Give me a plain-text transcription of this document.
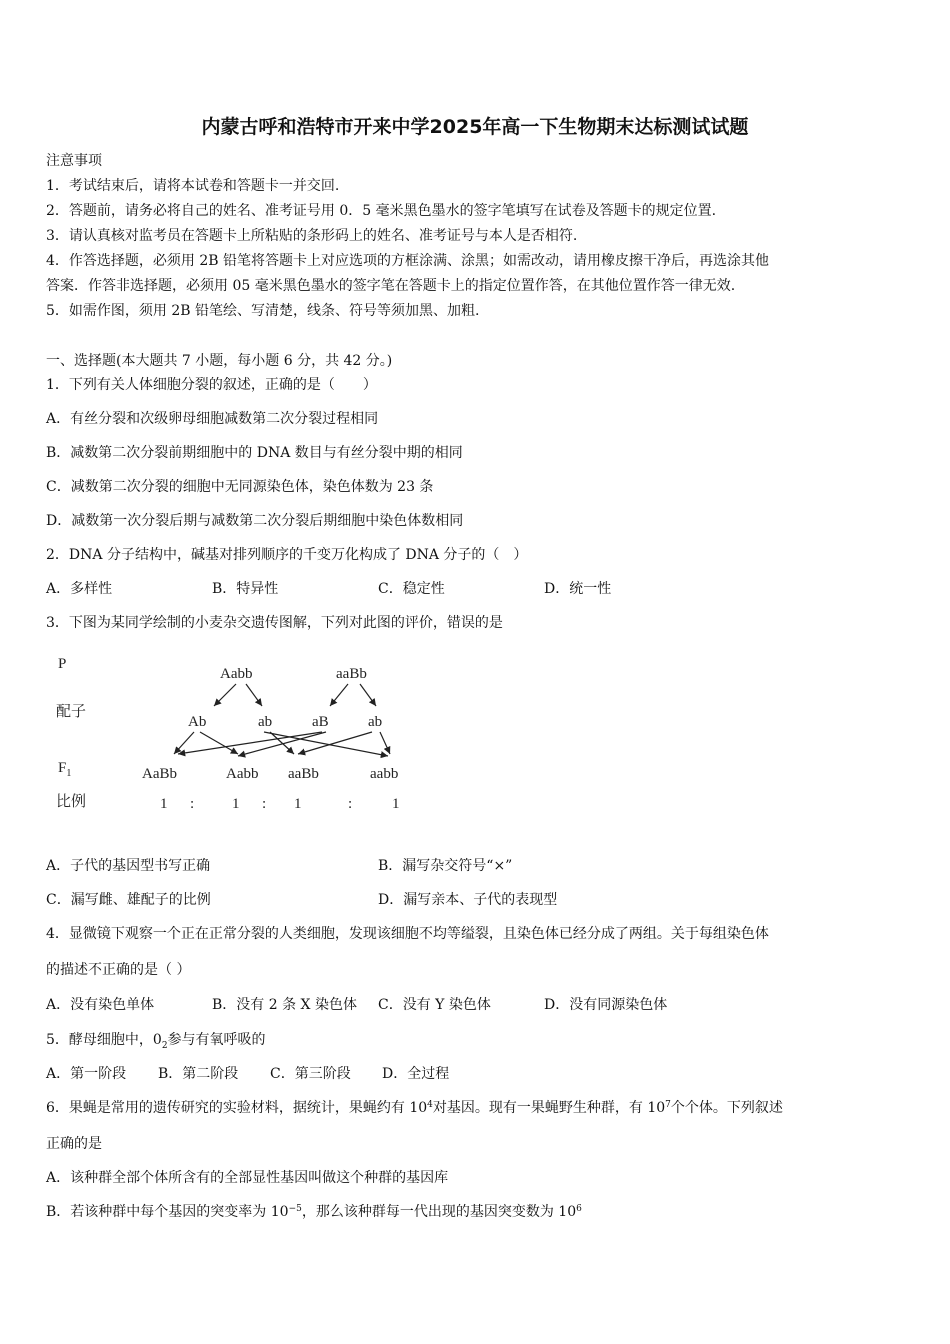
内蒙古呼和浩特市开来中学2025年高一下生物期末达标测试试题
注意事项
1．考试结束后，请将本试卷和答题卡一并交回.
2．答题前，请务必将自己的姓名、准考证号用 0．5 毫米黑色墨水的签字笔填写在试卷及答题卡的规定位置.
3．请认真核对监考员在答题卡上所粘贴的条形码上的姓名、准考证号与本人是否相符.
4．作答选择题，必须用 2B 铅笔将答题卡上对应选项的方框涂满、涂黑；如需改动，请用橡皮擦干净后，再选涂其他
答案．作答非选择题，必须用 05 毫米黑色墨水的签字笔在答题卡上的指定位置作答，在其他位置作答一律无效.
5．如需作图，须用 2B 铅笔绘、写清楚，线条、符号等须加黑、加粗.
一、选择题(本大题共 7 小题，每小题 6 分，共 42 分。)
1．下列有关人体细胞分裂的叙述，正确的是（　　）
A．有丝分裂和次级卵母细胞减数第二次分裂过程相同
B．减数第二次分裂前期细胞中的 DNA 数目与有丝分裂中期的相同
C．减数第二次分裂的细胞中无同源染色体，染色体数为 23 条
D．减数第一次分裂后期与减数第二次分裂后期细胞中染色体数相同
2．DNA 分子结构中，碱基对排列顺序的千变万化构成了 DNA 分子的（　）
A．多样性	B．特异性	C．稳定性	D．统一性
3．下图为某同学绘制的小麦杂交遗传图解，下列对此图的评价，错误的是
P
配子
$F_1$
比例
Aabb	aaBb
Ab	ab	aB	ab
AaBb	Aabb aaBb	aabb
1 :	1 : 1	:	1
A．子代的基因型书写正确	B．漏写杂交符号“×”
C．漏写雌、雄配子的比例	D．漏写亲本、子代的表现型
4．显微镜下观察一个正在正常分裂的人类细胞，发现该细胞不均等缢裂，且染色体已经分成了两组。关于每组染色体
的描述不正确的是（ ）
A．没有染色单体	B．没有 2 条 X 染色体 C．没有 Y 染色体	D．没有同源染色体
5．酵母细胞中，$0_2$参与有氧呼吸的
A．第一阶段 B．第二阶段 C．第三阶段 D．全过程
6．果蝇是常用的遗传研究的实验材料，据统计，果蝇约有 $10^4$对基因。现有一果蝇野生种群，有 $10^7$个个体。下列叙述
正确的是
A．该种群全部个体所含有的全部显性基因叫做这个种群的基因库
B．若该种群中每个基因的突变率为 $10^{-5}$，那么该种群每一代出现的基因突变数为 $10^6$
